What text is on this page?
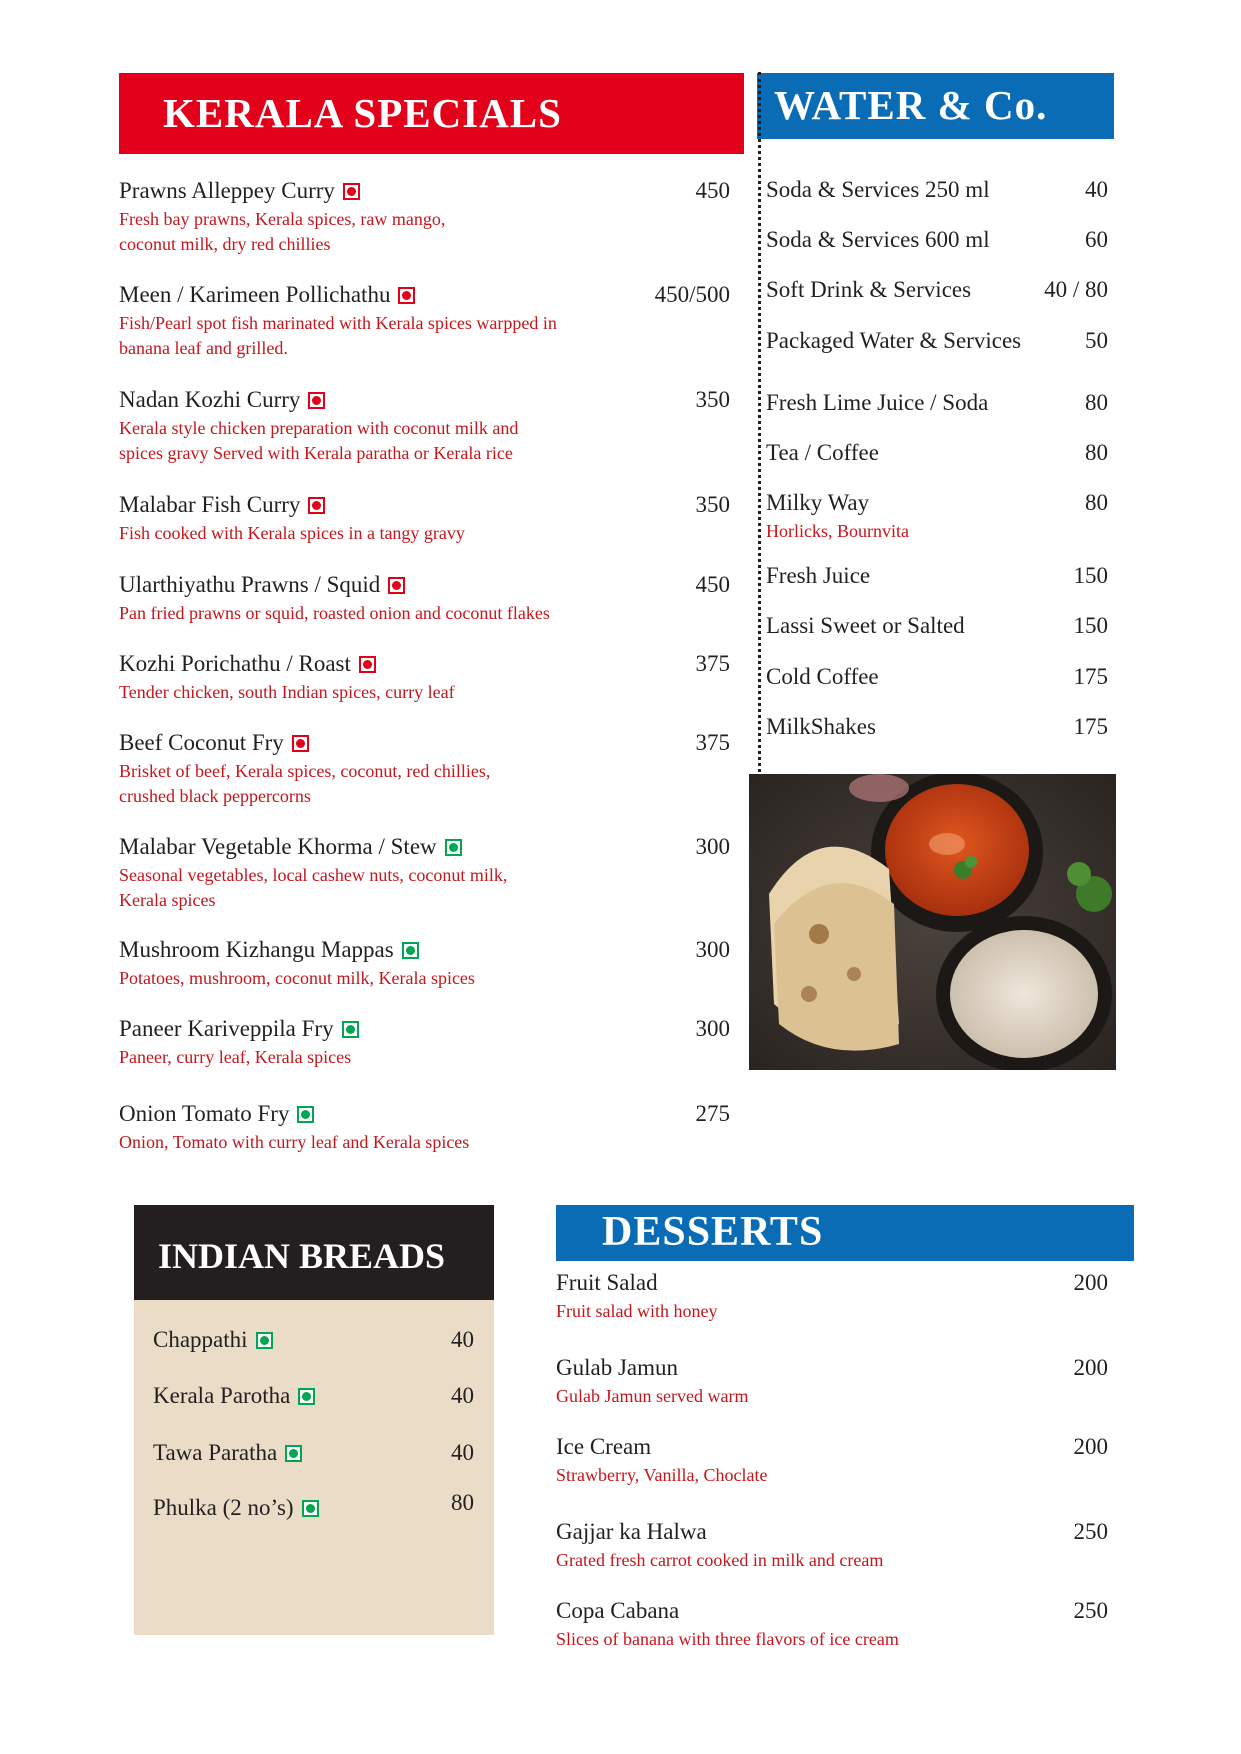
KERALA SPECIALS	WATER & Co.
Prawns Alleppey Curry	450
Fresh bay prawns, Kerala spices, raw mango,
coconut milk, dry red chillies
Meen / Karimeen Pollichathu	450/500
Fish/Pearl spot fish marinated with Kerala spices warpped in
banana leaf and grilled.
Nadan Kozhi Curry	350
Kerala style chicken preparation with coconut milk and
spices gravy Served with Kerala paratha or Kerala rice
Malabar Fish Curry	350
Fish cooked with Kerala spices in a tangy gravy
Ularthiyathu Prawns / Squid	450
Pan fried prawns or squid, roasted onion and coconut flakes
Kozhi Porichathu / Roast	375
Tender chicken, south Indian spices, curry leaf
Beef Coconut Fry	375
Brisket of beef, Kerala spices, coconut, red chillies,
crushed black peppercorns
Malabar Vegetable Khorma / Stew	300
Seasonal vegetables, local cashew nuts, coconut milk,
Kerala spices
Mushroom Kizhangu Mappas	300
Potatoes, mushroom, coconut milk, Kerala spices
Paneer Kariveppila Fry	300
Paneer, curry leaf, Kerala spices
Onion Tomato Fry	275
Onion, Tomato with curry leaf and Kerala spices
Soda & Services 250 ml	40
Soda & Services 600 ml	60
Soft Drink & Services	40 / 80
Packaged Water & Services	50
Fresh Lime Juice / Soda	80
Tea / Coffee	80
Milky Way	80
Horlicks, Bournvita
Fresh Juice	150
Lassi Sweet or Salted	150
Cold Coffee	175
MilkShakes	175
INDIAN BREADS
Chappathi	40
Kerala Parotha	40
Tawa Paratha	40
Phulka (2 no’s)	80
DESSERTS
Fruit Salad	200
Fruit salad with honey
Gulab Jamun	200
Gulab Jamun served warm
Ice Cream	200
Strawberry, Vanilla, Choclate
Gajjar ka Halwa	250
Grated fresh carrot cooked in milk and cream
Copa Cabana	250
Slices of banana with three flavors of ice cream
